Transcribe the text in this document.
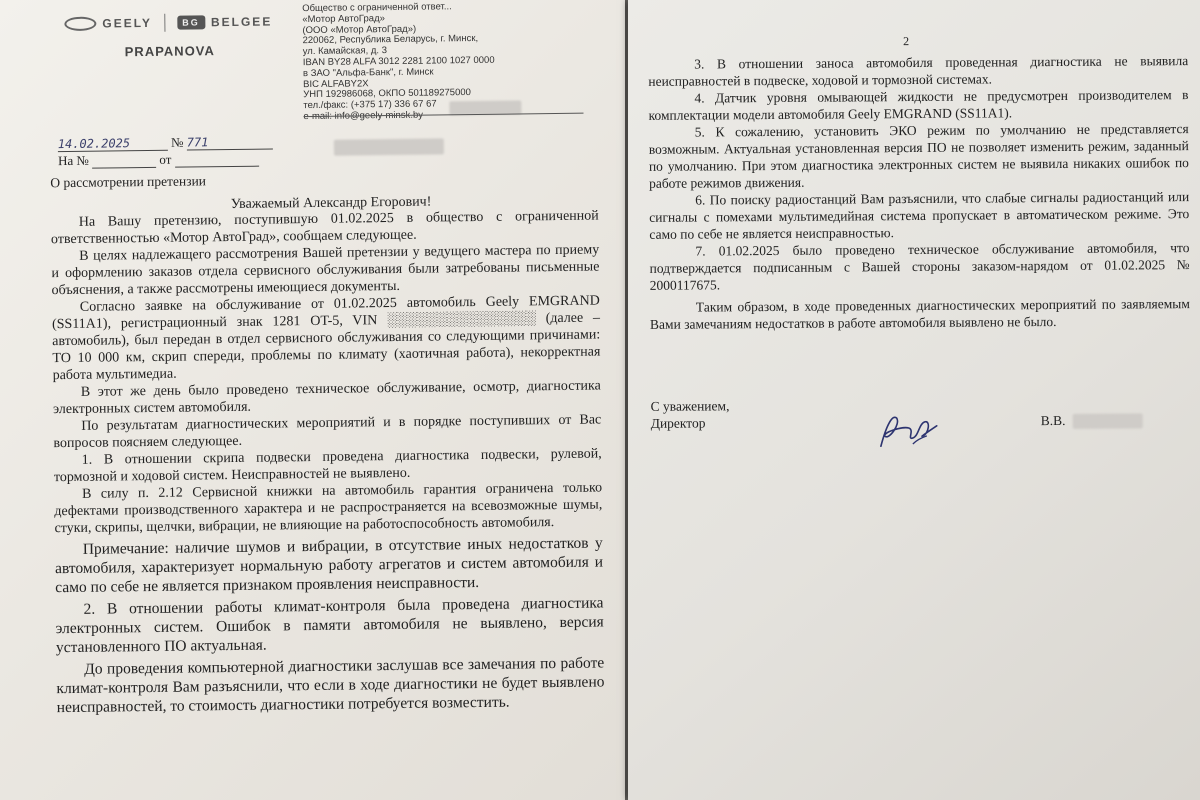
GEELY	BG BELGEE
PRAPANOVA
Общество с ограниченной ответ...
«Мотор АвтоГрад»
(ООО «Мотор АвтоГрад»)
220062, Республика Беларусь, г. Минск,
ул. Камайская, д. 3
IBAN BY28 ALFA 3012 2281 2100 1027 0000
в ЗАО "Альфа-Банк", г. Минск
BIC ALFABY2X
УНП 192986068, ОКПО 501189275000
тел./факс: (+375 17) 336 67 67
e-mail: info@geely-minsk.by
14.02.2025	№ 771
На №	от
О рассмотрении претензии
Уважаемый Александр Егорович!

На Вашу претензию, поступившую 01.02.2025 в общество с ограниченной ответственностью «Мотор АвтоГрад», сообщаем следующее.

В целях надлежащего рассмотрения Вашей претензии у ведущего мастера по приему и оформлению заказов отдела сервисного обслуживания были затребованы письменные объяснения, а также рассмотрены имеющиеся документы.

Согласно заявке на обслуживание от 01.02.2025 автомобиль Geely EMGRAND (SS11A1), регистрационный знак 1281 OT-5, VIN ░░░░░░░░░░░░░░░ (далее – автомобиль), был передан в отдел сервисного обслуживания со следующими причинами: ТО 10 000 км, скрип спереди, проблемы по климату (хаотичная работа), некорректная работа мультимедиа.

В этот же день было проведено техническое обслуживание, осмотр, диагностика электронных систем автомобиля.

По результатам диагностических мероприятий и в порядке поступивших от Вас вопросов поясняем следующее.

1. В отношении скрипа подвески проведена диагностика подвески, рулевой, тормозной и ходовой систем. Неисправностей не выявлено.

В силу п. 2.12 Сервисной книжки на автомобиль гарантия ограничена только дефектами производственного характера и не распространяется на всевозможные шумы, стуки, скрипы, щелчки, вибрации, не влияющие на работоспособность автомобиля.

Примечание: наличие шумов и вибрации, в отсутствие иных недостатков у автомобиля, характеризует нормальную работу агрегатов и систем автомобиля и само по себе не является признаком проявления неисправности.

2. В отношении работы климат-контроля была проведена диагностика электронных систем. Ошибок в памяти автомобиля не выявлено, версия установленного ПО актуальная.

До проведения компьютерной диагностики заслушав все замечания по работе климат-контроля Вам разъяснили, что если в ходе диагностики не будет выявлено неисправностей, то стоимость диагностики потребуется возместить.

2

3. В отношении заноса автомобиля проведенная диагностика не выявила неисправностей в подвеске, ходовой и тормозной системах.

4. Датчик уровня омывающей жидкости не предусмотрен производителем в комплектации модели автомобиля Geely EMGRAND (SS11A1).

5. К сожалению, установить ЭКО режим по умолчанию не представляется возможным. Актуальная установленная версия ПО не позволяет изменить режим, заданный по умолчанию. При этом диагностика электронных систем не выявила никаких ошибок по работе режимов движения.

6. По поиску радиостанций Вам разъяснили, что слабые сигналы радиостанций или сигналы с помехами мультимедийная система пропускает в автоматическом режиме. Это само по себе не является неисправностью.

7. 01.02.2025 было проведено техническое обслуживание автомобиля, что подтверждается подписанным с Вашей стороны заказом-нарядом от 01.02.2025 № 2000117675.

Таким образом, в ходе проведенных диагностических мероприятий по заявляемым Вами замечаниям недостатков в работе автомобиля выявлено не было.

С уважением,
Директор	В.В.
